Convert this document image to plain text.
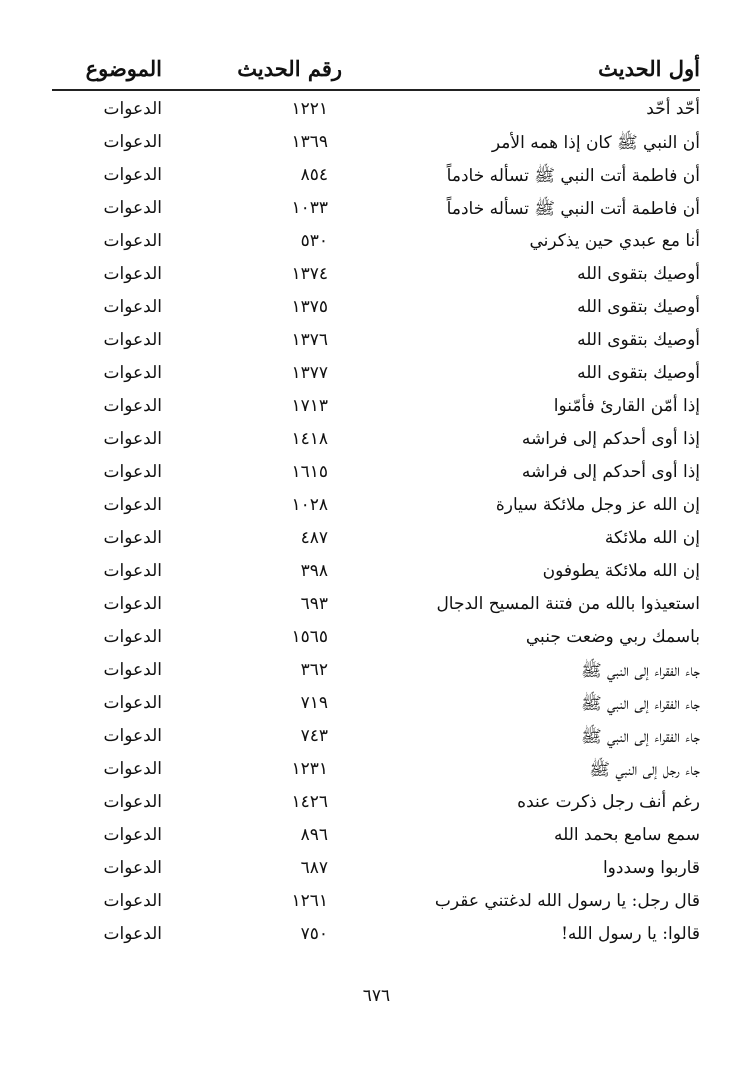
أول الحديث
رقم الحديث
الموضوع
أحّد أحّد
١٢٢١
الدعوات
أن النبي ﷺ كان إذا همه الأمر
١٣٦٩
الدعوات
أن فاطمة أتت النبي ﷺ تسأله خادماً
٨٥٤
الدعوات
أن فاطمة أتت النبي ﷺ تسأله خادماً
١٠٣٣
الدعوات
أنا مع عبدي حين يذكرني
٥٣٠
الدعوات
أوصيك بتقوى الله
١٣٧٤
الدعوات
أوصيك بتقوى الله
١٣٧٥
الدعوات
أوصيك بتقوى الله
١٣٧٦
الدعوات
أوصيك بتقوى الله
١٣٧٧
الدعوات
إذا أمّن القارئ فأمّنوا
١٧١٣
الدعوات
إذا أوى أحدكم إلى فراشه
١٤١٨
الدعوات
إذا أوى أحدكم إلى فراشه
١٦١٥
الدعوات
إن الله عز وجل ملائكة سيارة
١٠٢٨
الدعوات
إن الله ملائكة
٤٨٧
الدعوات
إن الله ملائكة يطوفون
٣٩٨
الدعوات
استعيذوا بالله من فتنة المسيح الدجال
٦٩٣
الدعوات
باسمك ربي وضعت جنبي
١٥٦٥
الدعوات
جاء الفقراء إلى النبي ﷺ
٣٦٢
الدعوات
جاء الفقراء إلى النبي ﷺ
٧١٩
الدعوات
جاء الفقراء إلى النبي ﷺ
٧٤٣
الدعوات
جاء رجل إلى النبي ﷺ
١٢٣١
الدعوات
رغم أنف رجل ذكرت عنده
١٤٢٦
الدعوات
سمع سامع بحمد الله
٨٩٦
الدعوات
قاربوا وسددوا
٦٨٧
الدعوات
قال رجل: يا رسول الله لدغتني عقرب
١٢٦١
الدعوات
قالوا: يا رسول الله!
٧٥٠
الدعوات
٦٧٦
